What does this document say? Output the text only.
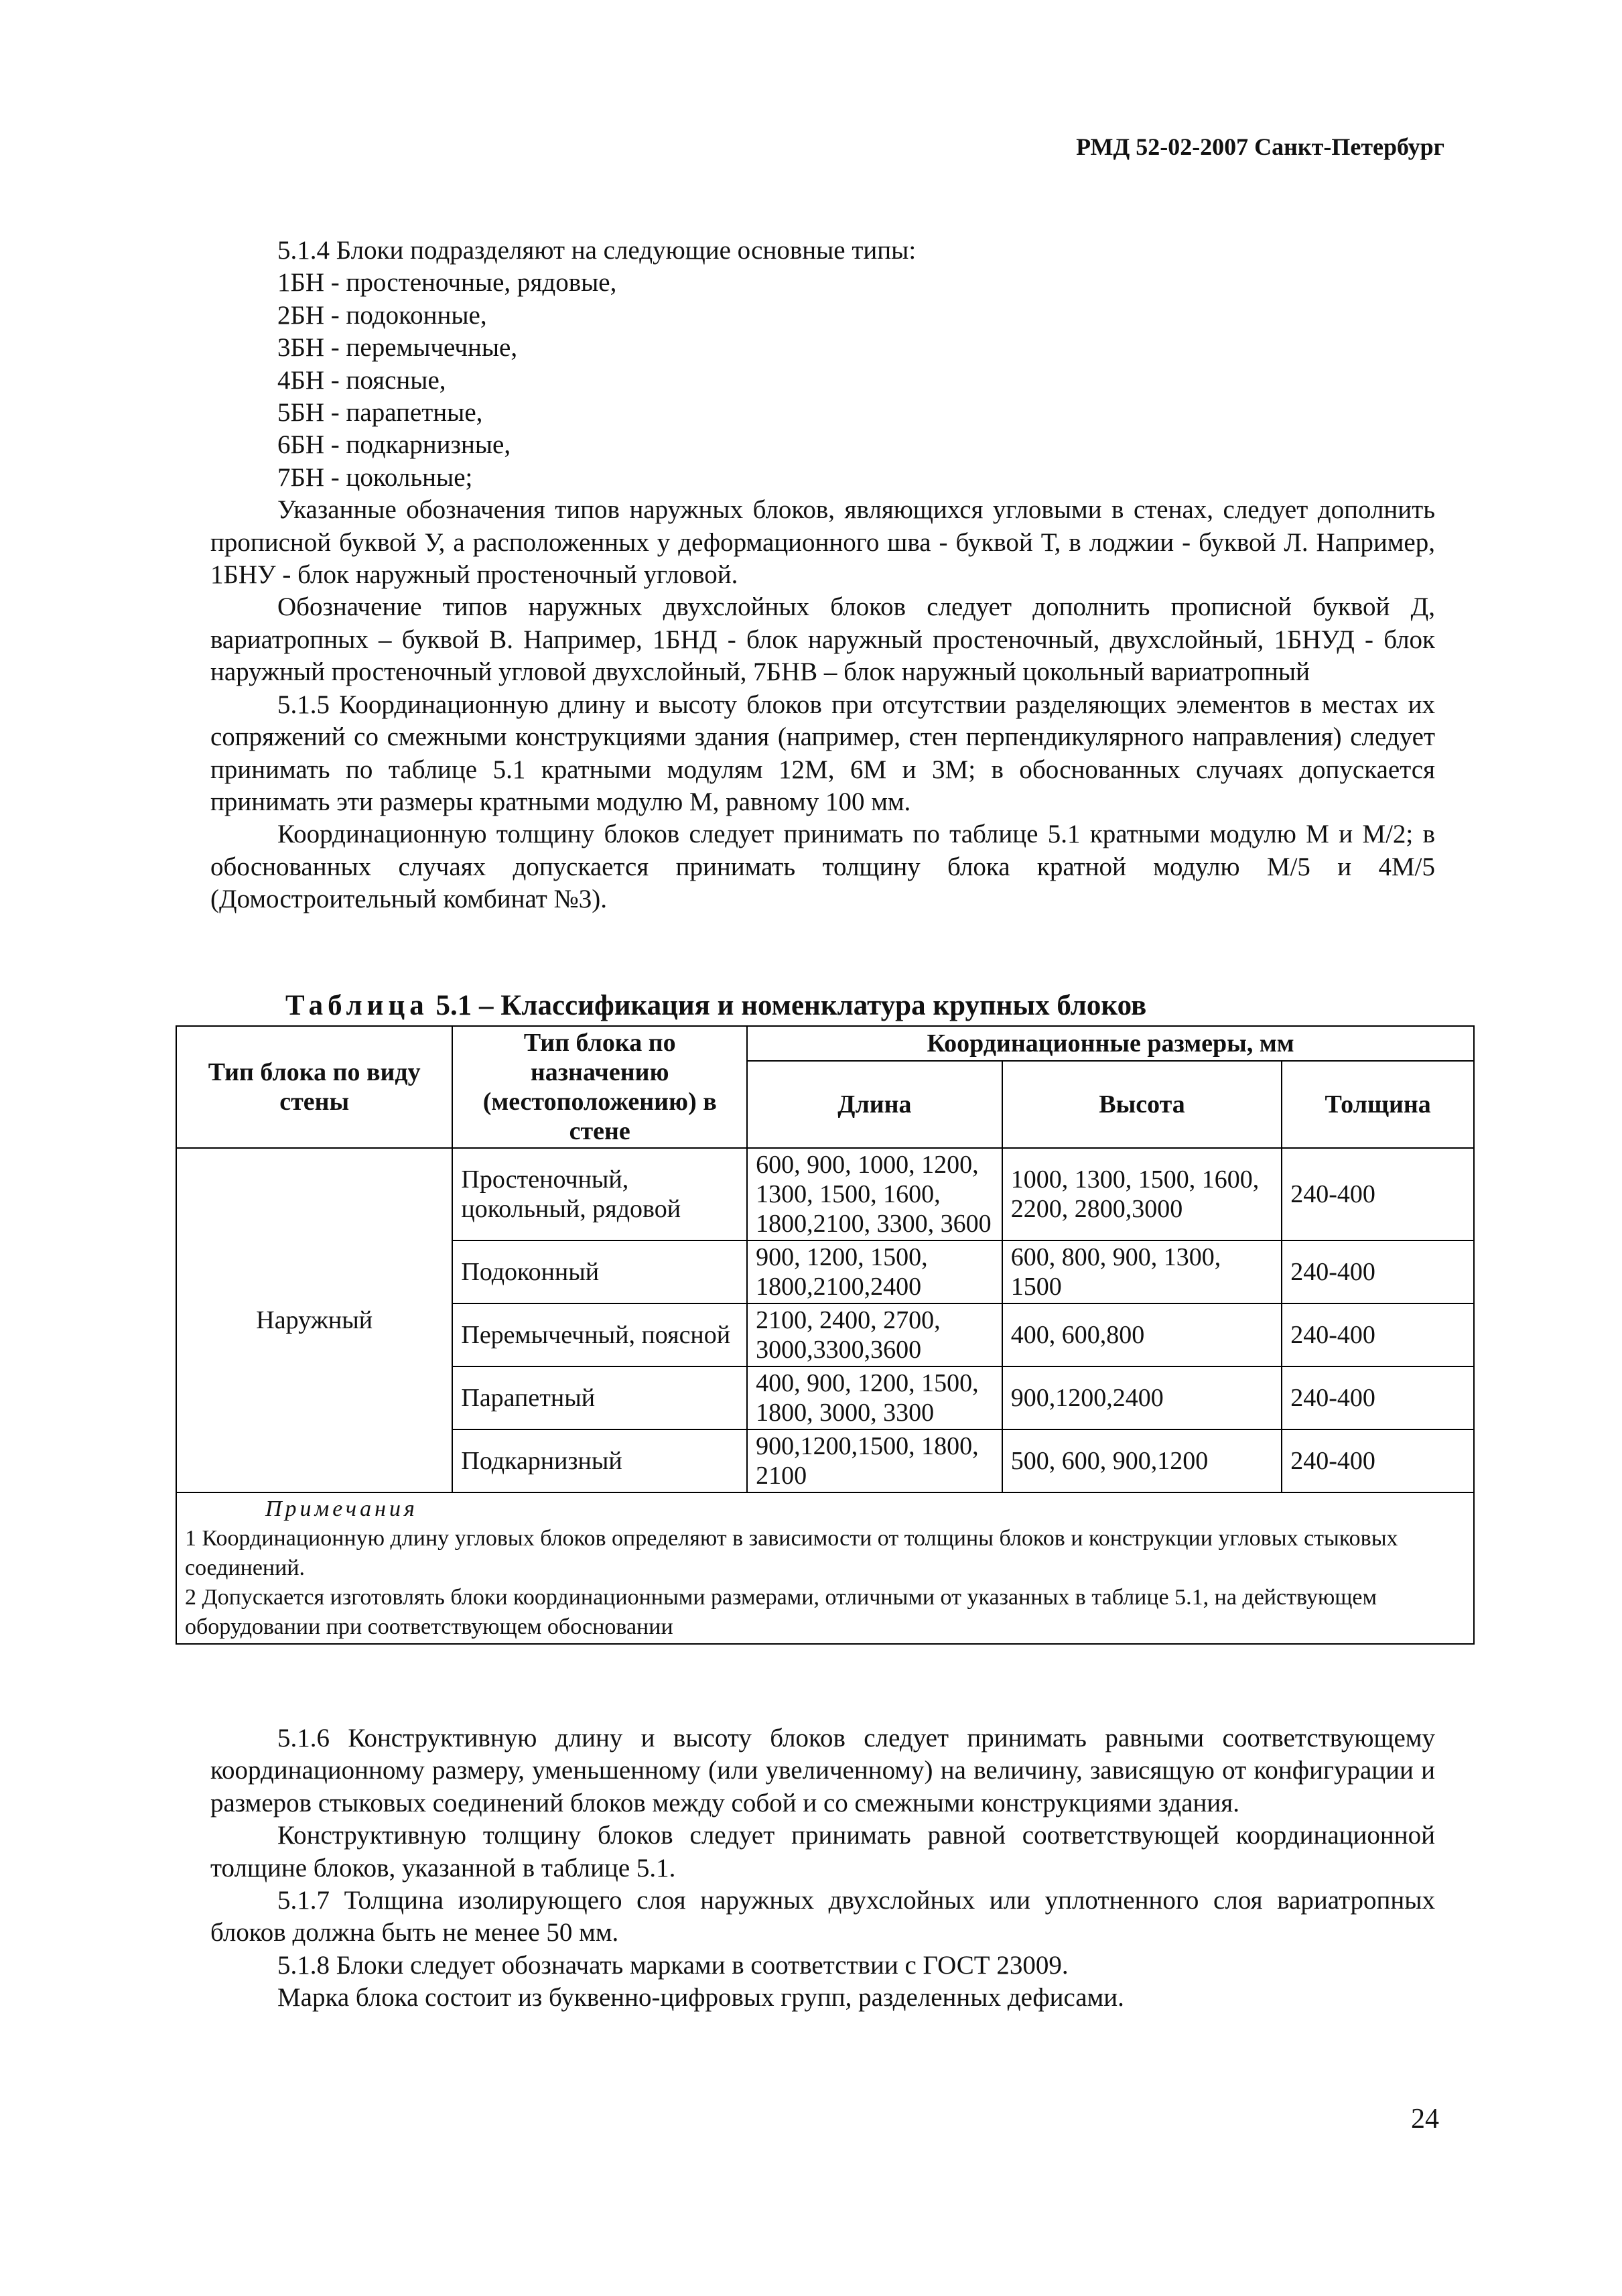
РМД 52-02-2007 Санкт-Петербург

5.1.4 Блоки подразделяют на следующие основные типы:

1БН - простеночные, рядовые,

2БН - подоконные,

3БН - перемычечные,

4БН - поясные,

5БН - парапетные,

6БН - подкарнизные,

7БН - цокольные;

Указанные обозначения типов наружных блоков, являющихся угловыми в стенах, следует дополнить прописной буквой У, а расположенных у деформационного шва - буквой Т, в лоджии - буквой Л. Например, 1БНУ - блок наружный простеночный угловой.

Обозначение типов наружных двухслойных блоков следует дополнить прописной буквой Д, вариатропных – буквой В. Например, 1БНД - блок наружный простеночный, двухслойный, 1БНУД - блок наружный простеночный угловой двухслойный, 7БНВ – блок наружный цокольный вариатропный

5.1.5 Координационную длину и высоту блоков при отсутствии разделяющих элементов в местах их сопряжений со смежными конструкциями здания (например, стен перпендикулярного направления) следует принимать по таблице 5.1 кратными модулям 12М, 6М и 3М; в обоснованных случаях допускается принимать эти размеры кратными модулю М, равному 100 мм.

Координационную толщину блоков следует принимать по таблице 5.1 кратными модулю М и М/2; в обоснованных случаях допускается принимать толщину блока кратной модулю М/5 и 4М/5 (Домостроительный комбинат №3).

Таблица 5.1 – Классификация и номенклатура крупных блоков
Тип блока по виду стены	Тип блока по назначению (местоположению) в стене	Координационные размеры, мм		
		Длина	Высота	Толщина
Наружный	Простеночный, цокольный, рядовой	600, 900, 1000, 1200, 1300, 1500, 1600, 1800,2100, 3300, 3600	1000, 1300, 1500, 1600, 2200, 2800,3000	240-400
	Подоконный	900, 1200, 1500, 1800,2100,2400	600, 800, 900, 1300, 1500	240-400
	Перемычечный, поясной	2100, 2400, 2700, 3000,3300,3600	400, 600,800	240-400
	Парапетный	400, 900, 1200, 1500, 1800, 3000, 3300	900,1200,2400	240-400
	Подкарнизный	900,1200,1500, 1800, 2100	500, 600, 900,1200	240-400

Примечания
1 Координационную длину угловых блоков определяют в зависимости от толщины блоков и конструкции угловых стыковых соединений.
2 Допускается изготовлять блоки координационными размерами, отличными от указанных в таблице 5.1, на действующем оборудовании при соответствующем обосновании				

5.1.6 Конструктивную длину и высоту блоков следует принимать равными соответствующему координационному размеру, уменьшенному (или увеличенному) на величину, зависящую от конфигурации и размеров стыковых соединений блоков между собой и со смежными конструкциями здания.

Конструктивную толщину блоков следует принимать равной соответствующей координационной толщине блоков, указанной в таблице 5.1.

5.1.7 Толщина изолирующего слоя наружных двухслойных или уплотненного слоя вариатропных блоков должна быть не менее 50 мм.

5.1.8 Блоки следует обозначать марками в соответствии с ГОСТ 23009.

Марка блока состоит из буквенно-цифровых групп, разделенных дефисами.

24
